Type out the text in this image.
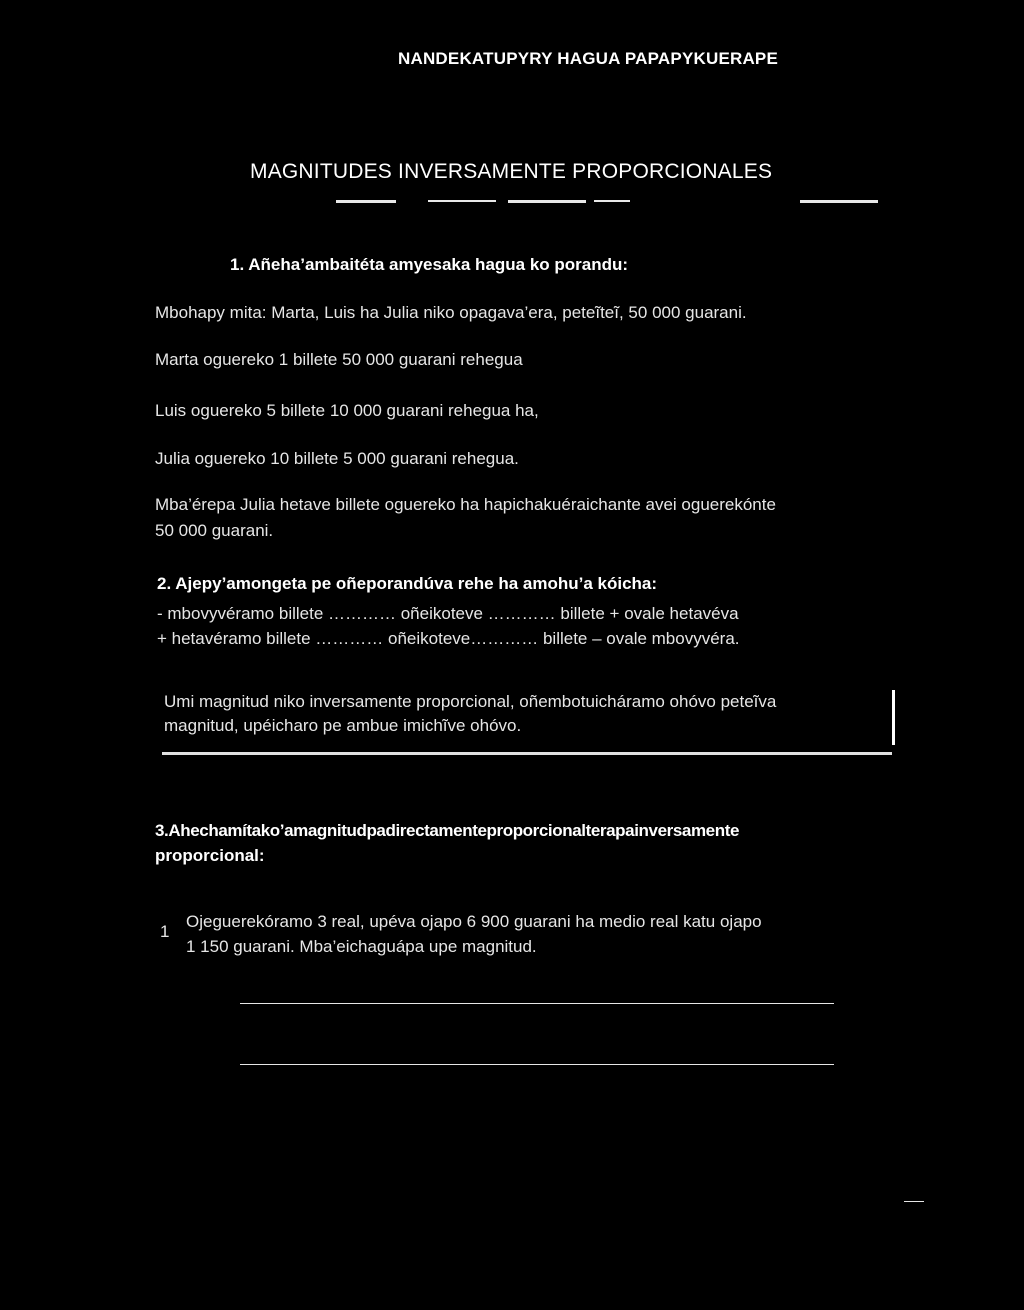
NANDEKATUPYRY HAGUA PAPAPYKUERAPE
MAGNITUDES INVERSAMENTE PROPORCIONALES
1. Añeha’ambaitéta amyesaka hagua ko porandu:
Mbohapy mita: Marta, Luis ha Julia niko opagava’era, peteĩteĩ, 50 000 guarani.
Marta oguereko 1 billete 50 000 guarani rehegua
Luis oguereko 5 billete 10 000 guarani rehegua ha,
Julia oguereko 10 billete 5 000 guarani rehegua.
Mba’érepa Julia hetave billete oguereko ha hapichakuéraichante avei oguerekónte
50 000 guarani.
2. Ajepy’amongeta pe oñeporandúva rehe ha amohu’a kóicha:
- mbovyvéramo billete ………… oñeikoteve ………… billete + ovale hetavéva
+ hetavéramo billete ………… oñeikoteve………… billete – ovale mbovyvéra.
Umi magnitud niko inversamente proporcional, oñembotuicháramo ohóvo peteĩva
magnitud, upéicharo pe ambue imichĩve ohóvo.
3.Ahechamítako’amagnitudpadirectamenteproporcionalterapainversamente
proporcional:
1
Ojeguerekóramo 3 real, upéva ojapo 6 900 guarani ha medio real katu ojapo
1 150 guarani. Mba’eichaguápa upe magnitud.
